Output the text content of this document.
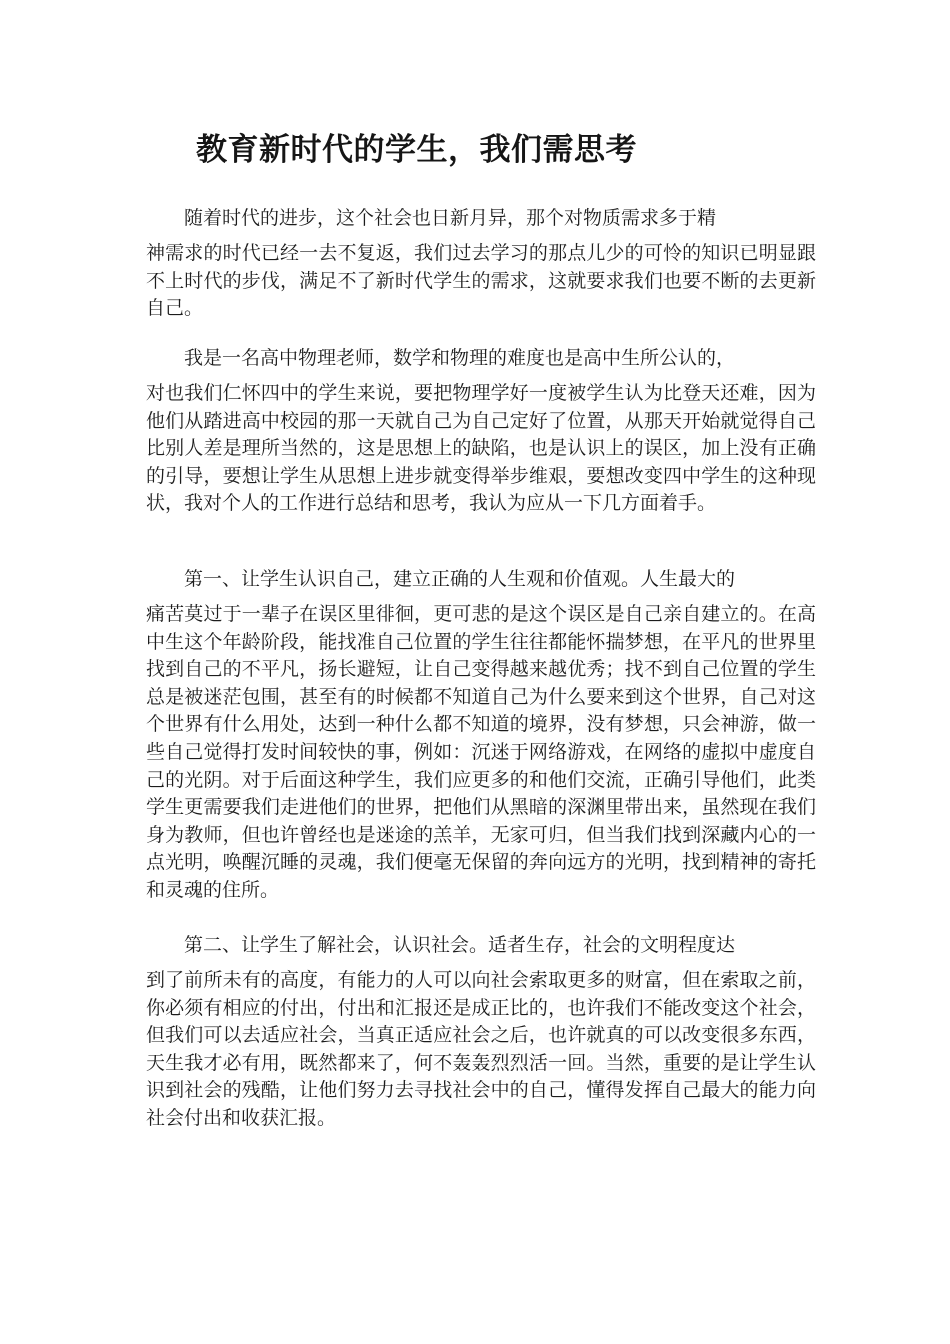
教育新时代的学生，我们需思考

随着时代的进步，这个社会也日新月异，那个对物质需求多于精
神需求的时代已经一去不复返，我们过去学习的那点儿少的可怜的知识已明显跟不上时代的步伐，满足不了新时代学生的需求，这就要求我们也要不断的去更新自己。

我是一名高中物理老师，数学和物理的难度也是高中生所公认的，
对也我们仁怀四中的学生来说，要把物理学好一度被学生认为比登天还难，因为他们从踏进高中校园的那一天就自己为自己定好了位置，从那天开始就觉得自己比别人差是理所当然的，这是思想上的缺陷，也是认识上的误区，加上没有正确的引导，要想让学生从思想上进步就变得举步维艰，要想改变四中学生的这种现状，我对个人的工作进行总结和思考，我认为应从一下几方面着手。

第一、让学生认识自己，建立正确的人生观和价值观。人生最大的
痛苦莫过于一辈子在误区里徘徊，更可悲的是这个误区是自己亲自建立的。在高中生这个年龄阶段，能找准自己位置的学生往往都能怀揣梦想，在平凡的世界里找到自己的不平凡，扬长避短，让自己变得越来越优秀；找不到自己位置的学生总是被迷茫包围，甚至有的时候都不知道自己为什么要来到这个世界，自己对这个世界有什么用处，达到一种什么都不知道的境界，没有梦想，只会神游，做一些自己觉得打发时间较快的事，例如：沉迷于网络游戏，在网络的虚拟中虚度自己的光阴。对于后面这种学生，我们应更多的和他们交流，正确引导他们，此类学生更需要我们走进他们的世界，把他们从黑暗的深渊里带出来，虽然现在我们身为教师，但也许曾经也是迷途的羔羊，无家可归，但当我们找到深藏内心的一点光明，唤醒沉睡的灵魂，我们便毫无保留的奔向远方的光明，找到精神的寄托和灵魂的住所。

第二、让学生了解社会，认识社会。适者生存，社会的文明程度达
到了前所未有的高度，有能力的人可以向社会索取更多的财富，但在索取之前，你必须有相应的付出，付出和汇报还是成正比的，也许我们不能改变这个社会，但我们可以去适应社会，当真正适应社会之后，也许就真的可以改变很多东西，天生我才必有用，既然都来了，何不轰轰烈烈活一回。当然，重要的是让学生认识到社会的残酷，让他们努力去寻找社会中的自己，懂得发挥自己最大的能力向社会付出和收获汇报。
